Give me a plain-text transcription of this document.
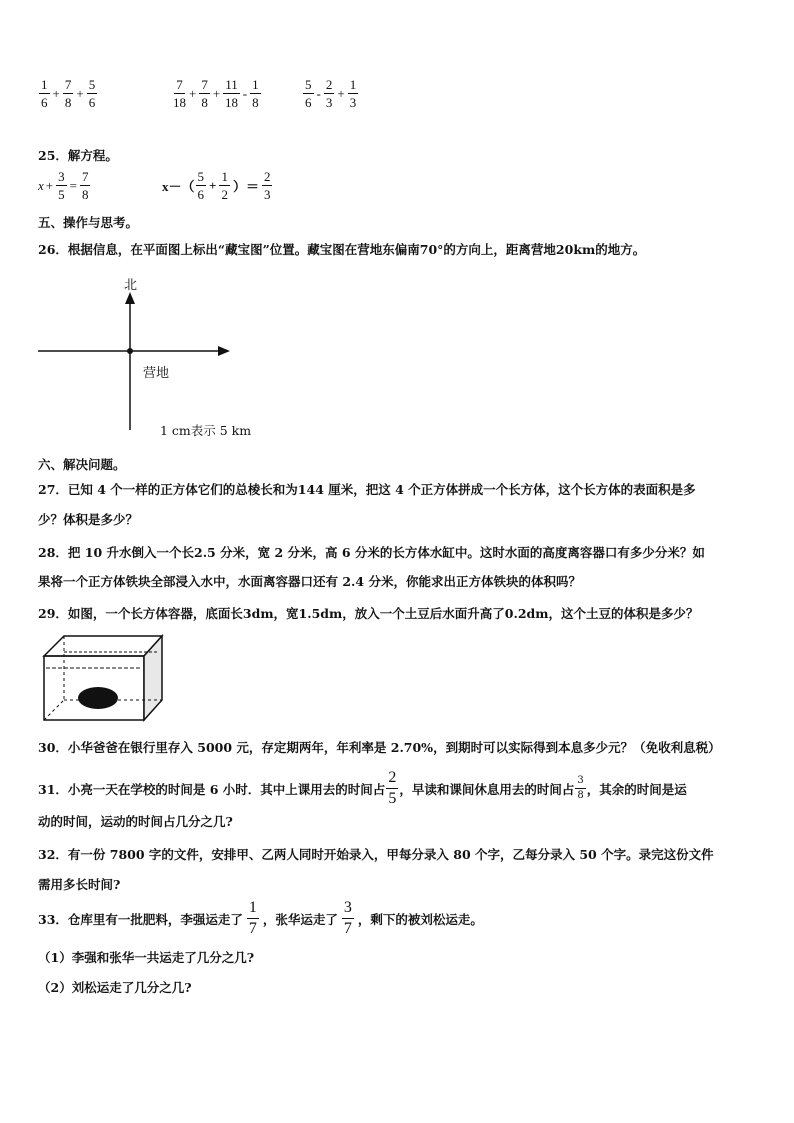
$\frac{1}{6} + \frac{7}{8} + \frac{5}{6}$	$\frac{7}{18} + \frac{7}{8} + \frac{11}{18} - \frac{1}{8}$	$\frac{5}{6} - \frac{2}{3} + \frac{1}{3}$
25．解方程。
$x + \frac{3}{5} = \frac{7}{8}$	$x-( \frac{5}{6} + \frac{1}{2}$ ）＝ $\frac{2}{3}$
五、操作与思考。
26．根据信息，在平面图上标出“藏宝图”位置。藏宝图在营地东偏南70°的方向上，距离营地20km的地方。
北
营地
1 cm表示 5 km
六、解决问题。
27．已知 4 个一样的正方体它们的总棱长和为144 厘米，把这 4 个正方体拼成一个长方体，这个长方体的表面积是多
少？体积是多少？
28．把 10 升水倒入一个长2.5 分米，宽 2 分米，高 6 分米的长方体水缸中。这时水面的高度离容器口有多少分米？如
果将一个正方体铁块全部浸入水中，水面离容器口还有 2.4 分米，你能求出正方体铁块的体积吗？
29．如图，一个长方体容器，底面长3dm，宽1.5dm，放入一个土豆后水面升高了0.2dm，这个土豆的体积是多少？
30．小华爸爸在银行里存入 5000 元，存定期两年，年利率是 2.70%，到期时可以实际得到本息多少元？（免收利息税）
31．小亮一天在学校的时间是 6 小时．其中上课用去的时间占 $\frac{2}{5}$ ，早读和课间休息用去的时间占 $\frac{3}{8}$ ，其余的时间是运
动的时间，运动的时间占几分之几?
32．有一份 7800 字的文件，安排甲、乙两人同时开始录入，甲每分录入 80 个字，乙每分录入 50 个字。录完这份文件
需用多长时间?
33．仓库里有一批肥料，李强运走了 $\frac{1}{7}$ ，张华运走了 $\frac{3}{7}$ ，剩下的被刘松运走。
（1）李强和张华一共运走了几分之几?
（2）刘松运走了几分之几?
